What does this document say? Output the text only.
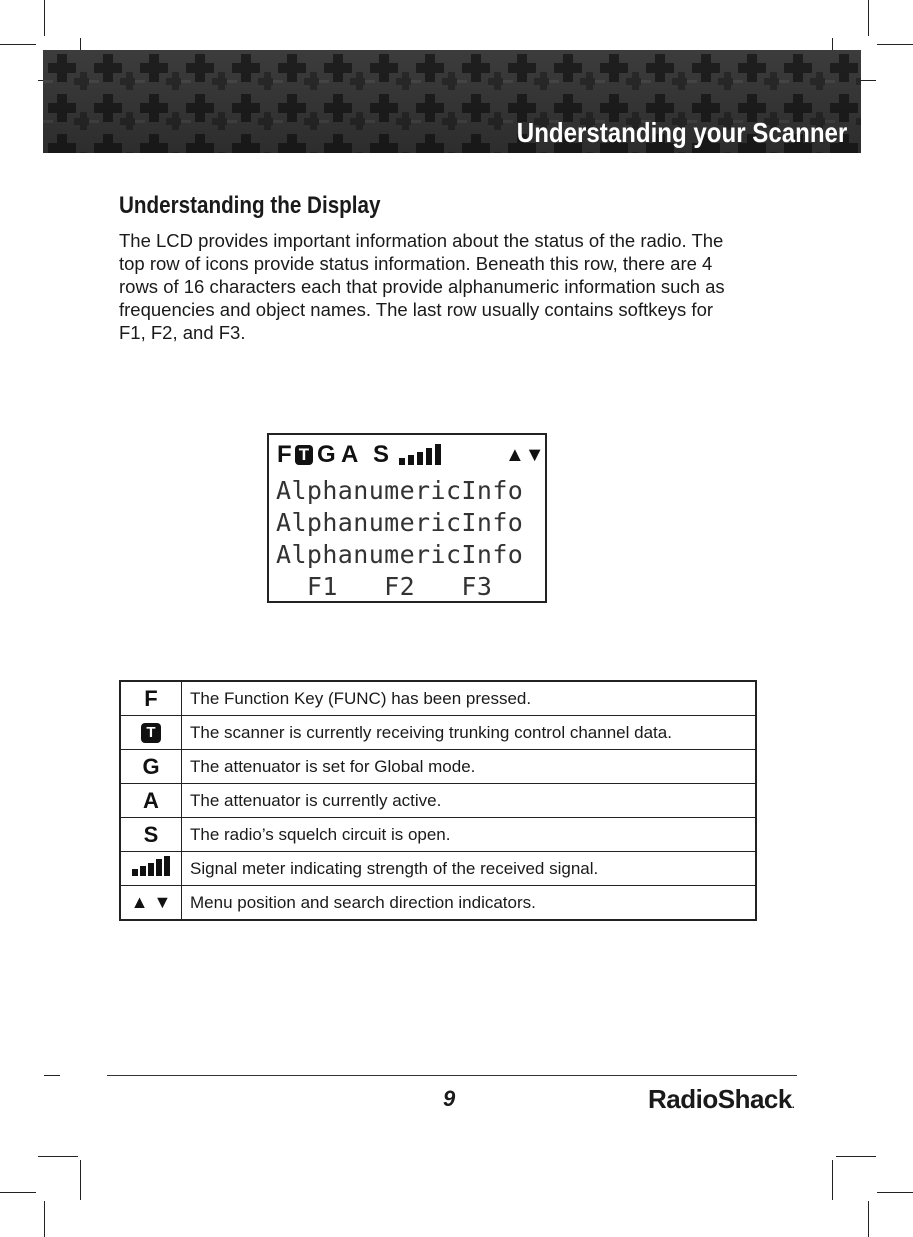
Understanding your Scanner
Understanding the Display

The LCD provides important information about the status of the radio. The top row of icons provide status information. Beneath this row, there are 4 rows of 16 characters each that provide alphanumeric information such as frequencies and object names. The last row usually contains softkeys for F1, F2, and F3.

F T G A S	▲▼
AlphanumericInfo
AlphanumericInfo
AlphanumericInfo
F1   F2   F3
F	The Function Key (FUNC) has been pressed.
T	The scanner is currently receiving trunking control channel data.
G	The attenuator is set for Global mode.
A	The attenuator is currently active.
S	The radio’s squelch circuit is open.
	Signal meter indicating strength of the received signal.
▲ ▼	Menu position and search direction indicators.
9	RadioShack.
